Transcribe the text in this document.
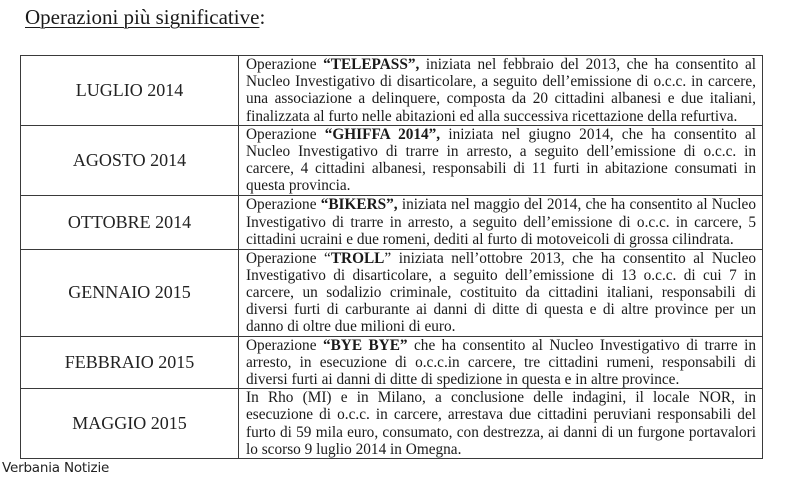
Operazioni più significative:
LUGLIO 2014	Operazione “TELEPASS”, iniziata nel febbraio del 2013, che ha consentito al Nucleo Investigativo di disarticolare, a seguito dell’emissione di o.c.c. in carcere, una associazione a delinquere, composta da 20 cittadini albanesi e due italiani, finalizzata al furto nelle abitazioni ed alla successiva ricettazione della refurtiva.
AGOSTO 2014	Operazione “GHIFFA 2014”, iniziata nel giugno 2014, che ha consentito al Nucleo Investigativo di trarre in arresto, a seguito dell’emissione di o.c.c. in carcere, 4 cittadini albanesi, responsabili di 11 furti in abitazione consumati in questa provincia.
OTTOBRE 2014	Operazione “BIKERS”, iniziata nel maggio del 2014, che ha consentito al Nucleo Investigativo di trarre in arresto, a seguito dell’emissione di o.c.c. in carcere, 5 cittadini ucraini e due romeni, dediti al furto di motoveicoli di grossa cilindrata.
GENNAIO 2015	Operazione “TROLL” iniziata nell’ottobre 2013, che ha consentito al Nucleo Investigativo di disarticolare, a seguito dell’emissione di 13 o.c.c. di cui 7 in carcere, un sodalizio criminale, costituito da cittadini italiani, responsabili di diversi furti di carburante ai danni di ditte di questa e di altre province per un danno di oltre due milioni di euro.
FEBBRAIO 2015	Operazione “BYE BYE” che ha consentito al Nucleo Investigativo di trarre in arresto, in esecuzione di o.c.c.in carcere, tre cittadini rumeni, responsabili di diversi furti ai danni di ditte di spedizione in questa e in altre province.
MAGGIO 2015	In Rho (MI) e in Milano, a conclusione delle indagini, il locale NOR, in esecuzione di o.c.c. in carcere, arrestava due cittadini peruviani responsabili del furto di 59 mila euro, consumato, con destrezza, ai danni di un furgone portavalori lo scorso 9 luglio 2014 in Omegna.
Verbania Notizie
